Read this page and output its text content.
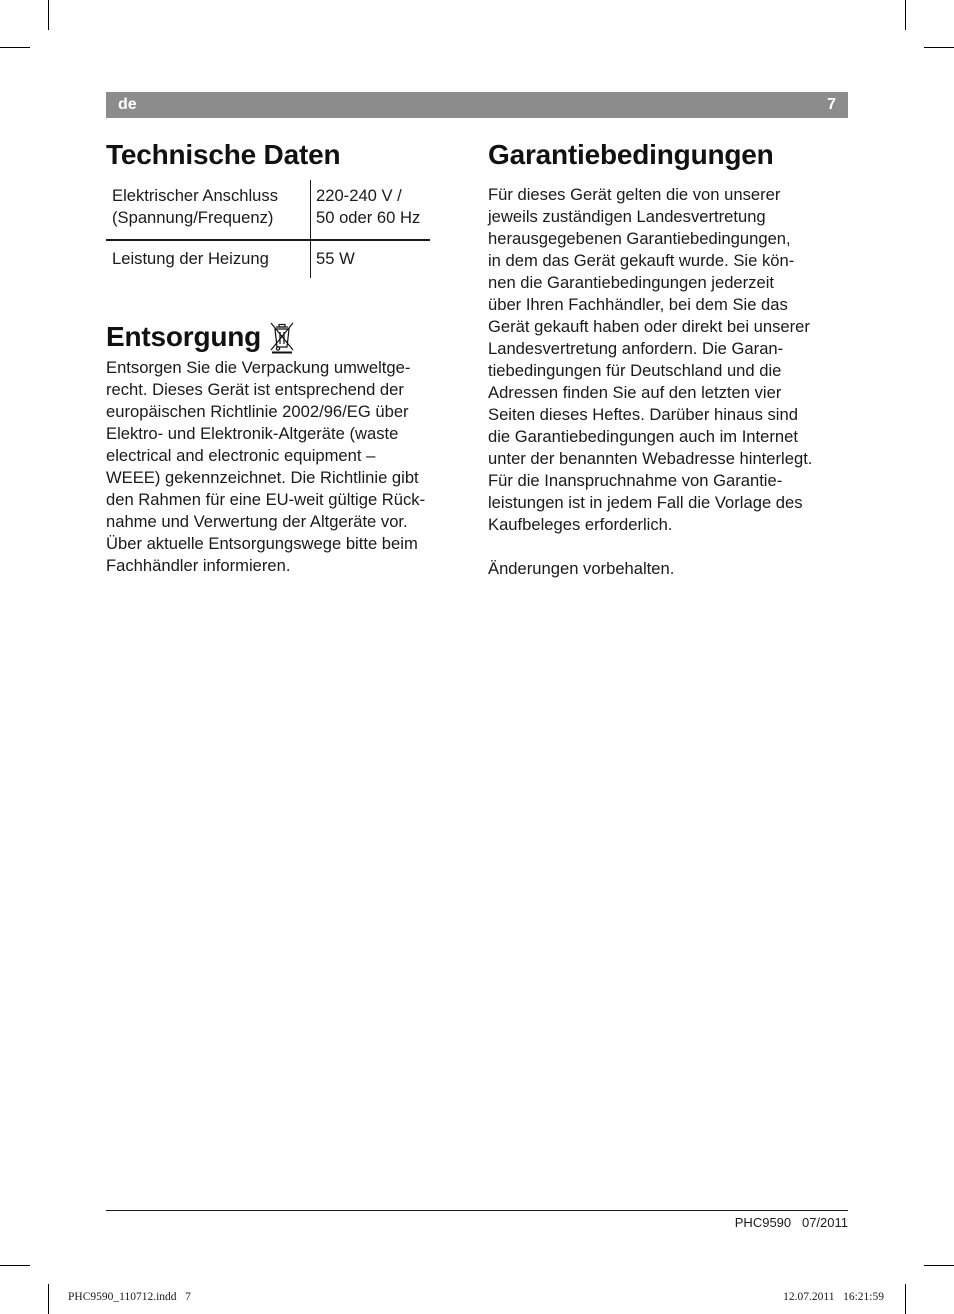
de	7
Technische Daten
Elektrischer Anschluss
(Spannung/Frequenz)	220-240 V /
50 oder 60 Hz

Leistung der Heizung	55 W
Entsorgung

Entsorgen Sie die Verpackung umweltge-
recht. Dieses Gerät ist entsprechend der
europäischen Richtlinie 2002/96/EG über
Elektro- und Elektronik-Altgeräte (waste
electrical and electronic equipment –
WEEE) gekennzeichnet. Die Richtlinie gibt
den Rahmen für eine EU-weit gültige Rück-
nahme und Verwertung der Altgeräte vor.
Über aktuelle Entsorgungswege bitte beim
Fachhändler informieren.

Garantiebedingungen

Für dieses Gerät gelten die von unserer
jeweils zuständigen Landesvertretung
herausgegebenen Garantiebedingungen,
in dem das Gerät gekauft wurde. Sie kön-
nen die Garantiebedingungen jederzeit
über Ihren Fachhändler, bei dem Sie das
Gerät gekauft haben oder direkt bei unserer
Landesvertretung anfordern. Die Garan-
tiebedingungen für Deutschland und die
Adressen finden Sie auf den letzten vier
Seiten dieses Heftes. Darüber hinaus sind
die Garantiebedingungen auch im Internet
unter der benannten Webadresse hinterlegt.
Für die Inanspruchnahme von Garantie-
leistungen ist in jedem Fall die Vorlage des
Kaufbeleges erforderlich.

Änderungen vorbehalten.

PHC9590   07/2011
PHC9590_110712.indd   7	12.07.2011   16:21:59
